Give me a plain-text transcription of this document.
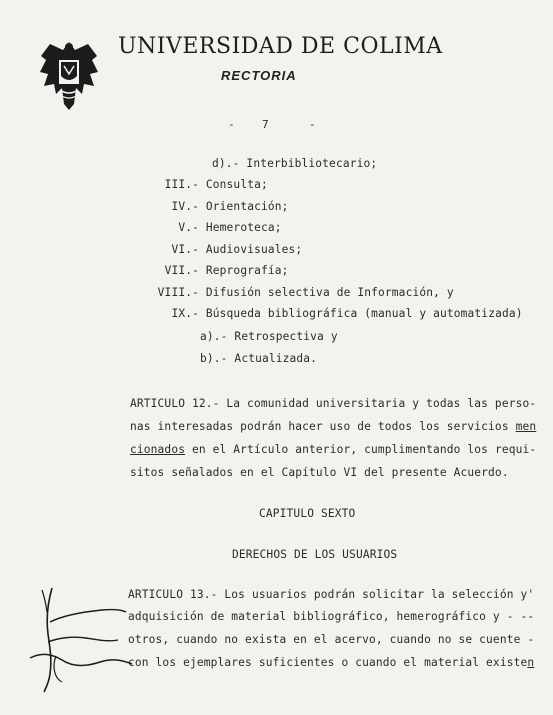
UNIVERSIDAD DE COLIMA
RECTORIA
- 7	-
d).- Interbibliotecario;
III.- Consulta;
IV.- Orientación;
V.- Hemeroteca;
VI.- Audiovisuales;
VII.- Reprografía;
VIII.- Difusión selectiva de Información, y
IX.- Búsqueda bibliográfica (manual y automatizada)
a).- Retrospectiva y
b).- Actualizada.
ARTICULO 12.- La comunidad universitaria y todas las perso-
nas interesadas podrán hacer uso de todos los servicios men
cionados en el Artículo anterior, cumplimentando los requi-
sitos señalados en el Capítulo VI del presente Acuerdo.
CAPITULO SEXTO
DERECHOS DE LOS USUARIOS
ARTICULO 13.- Los usuarios podrán solicitar la selección y'
adquisición de material bibliográfico, hemerográfico y - --
otros, cuando no exista en el acervo, cuando no se cuente -
con los ejemplares suficientes o cuando el material existen
